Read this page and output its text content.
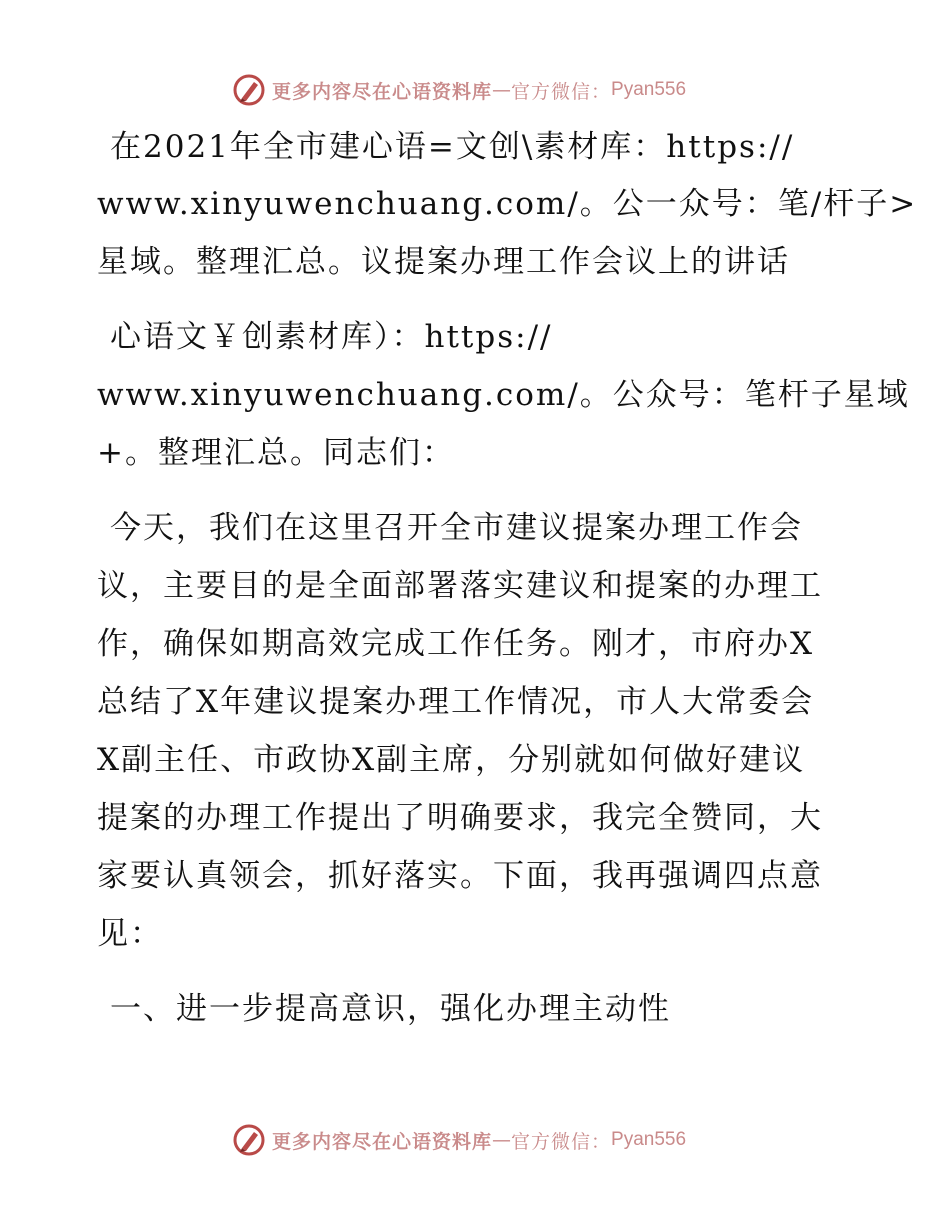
更多内容尽在心语资料库 — 官方微信： Pyan556
在2021年全市建心语=文创\素材库：https://
www.xinyuwenchuang.com/。公一众号：笔/杆子>
星域。整理汇总。议提案办理工作会议上的讲话
心语文￥创素材库）：https://
www.xinyuwenchuang.com/。公众号：笔杆子星域
+。整理汇总。同志们：
今天，我们在这里召开全市建议提案办理工作会
议，主要目的是全面部署落实建议和提案的办理工
作，确保如期高效完成工作任务。刚才，市府办X
总结了X年建议提案办理工作情况，市人大常委会
X副主任、市政协X副主席，分别就如何做好建议
提案的办理工作提出了明确要求，我完全赞同，大
家要认真领会，抓好落实。下面，我再强调四点意
见：
一、进一步提高意识，强化办理主动性
更多内容尽在心语资料库 — 官方微信： Pyan556
